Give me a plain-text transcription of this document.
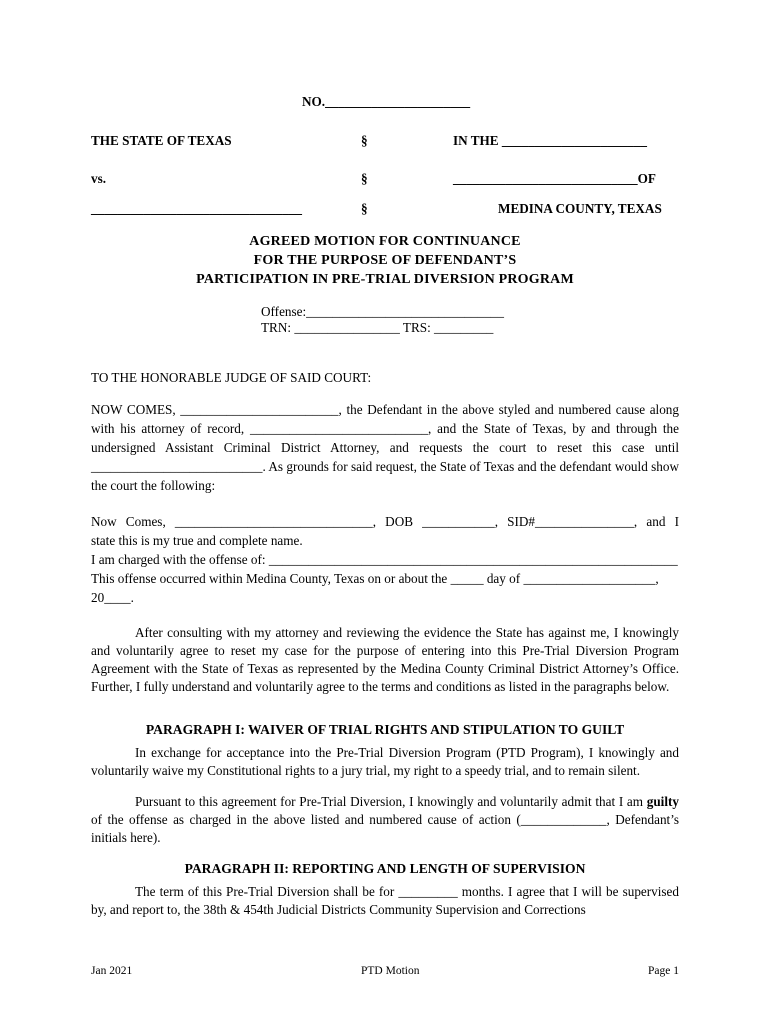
NO.______________________
THE STATE OF TEXAS	§	IN THE ______________________
vs.	§	____________________________OF
________________________________	§	MEDINA COUNTY, TEXAS
AGREED MOTION FOR CONTINUANCE
FOR THE PURPOSE OF DEFENDANT’S
PARTICIPATION IN PRE-TRIAL DIVERSION PROGRAM
Offense:______________________________
TRN: ________________ TRS: _________
TO THE HONORABLE JUDGE OF SAID COURT:
NOW COMES, ________________________, the Defendant in the above styled and numbered cause along with his attorney of record, ___________________________, and the State of Texas, by and through the undersigned Assistant Criminal District Attorney, and requests the court to reset this case until __________________________. As grounds for said request, the State of Texas and the defendant would show the court the following:
Now Comes, ______________________________, DOB ___________, SID#_______________, and I
state this is my true and complete name.
I am charged with the offense of: ______________________________________________________________
This offense occurred within Medina County, Texas on or about the _____ day of ____________________,
20____.
After consulting with my attorney and reviewing the evidence the State has against me, I knowingly and voluntarily agree to reset my case for the purpose of entering into this Pre-Trial Diversion Program Agreement with the State of Texas as represented by the Medina County Criminal District Attorney’s Office. Further, I fully understand and voluntarily agree to the terms and conditions as listed in the paragraphs below.
PARAGRAPH I: WAIVER OF TRIAL RIGHTS AND STIPULATION TO GUILT
In exchange for acceptance into the Pre-Trial Diversion Program (PTD Program), I knowingly and voluntarily waive my Constitutional rights to a jury trial, my right to a speedy trial, and to remain silent.
Pursuant to this agreement for Pre-Trial Diversion, I knowingly and voluntarily admit that I am guilty of the offense as charged in the above listed and numbered cause of action (_____________, Defendant’s initials here).
PARAGRAPH II: REPORTING AND LENGTH OF SUPERVISION
The term of this Pre-Trial Diversion shall be for _________ months. I agree that I will be supervised by, and report to, the 38th & 454th Judicial Districts Community Supervision and Corrections
Jan 2021	PTD Motion	Page 1
